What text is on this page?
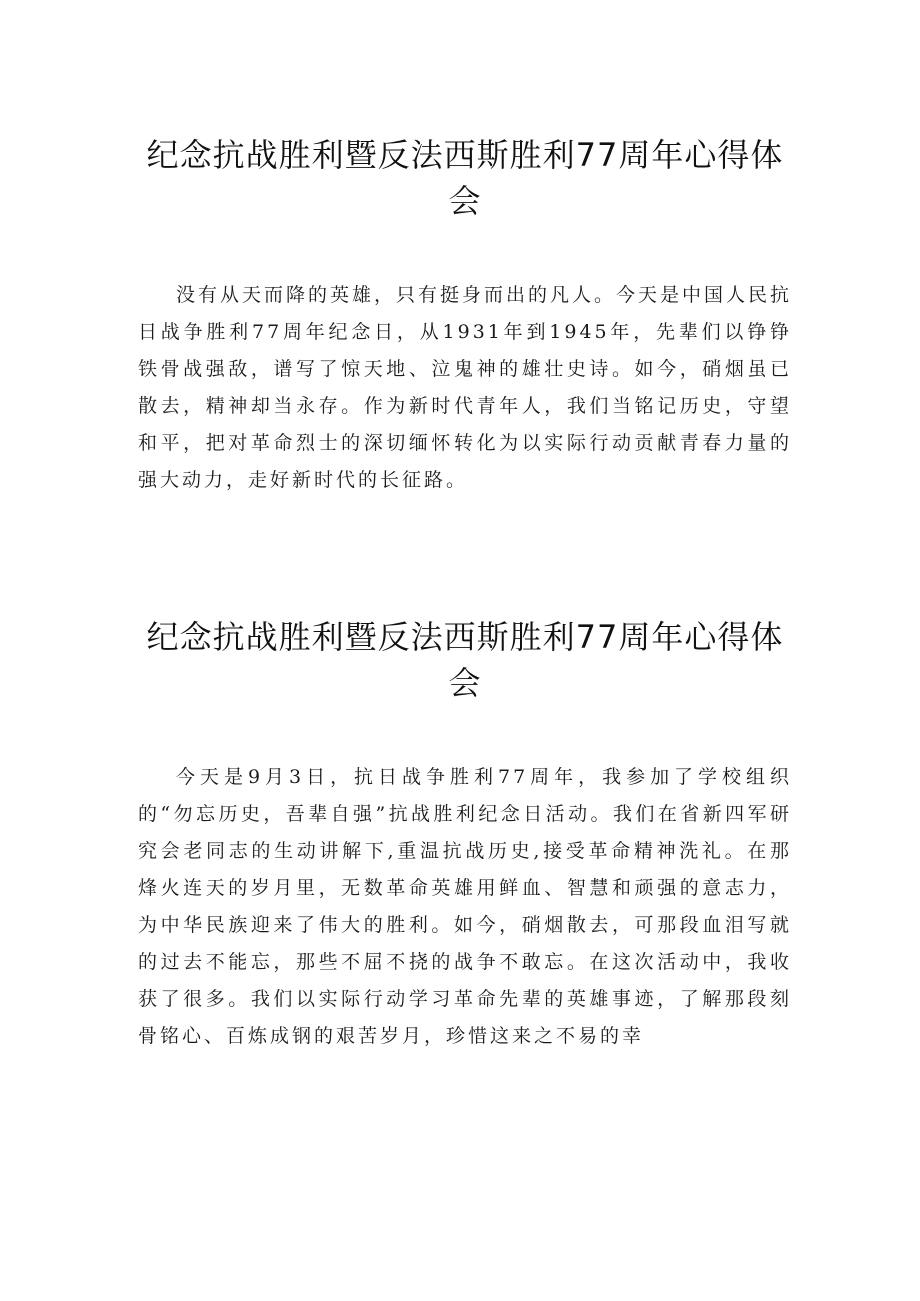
纪念抗战胜利暨反法西斯胜利77周年心得体会

没有从天而降的英雄，只有挺身而出的凡人。今天是中国人民抗日战争胜利77周年纪念日，从1931年到1945年，先辈们以铮铮铁骨战强敌，谱写了惊天地、泣鬼神的雄壮史诗。如今，硝烟虽已散去，精神却当永存。作为新时代青年人，我们当铭记历史，守望和平，把对革命烈士的深切缅怀转化为以实际行动贡献青春力量的强大动力，走好新时代的长征路。

纪念抗战胜利暨反法西斯胜利77周年心得体会

今天是9月3日，抗日战争胜利77周年，我参加了学校组织的“勿忘历史，吾辈自强”抗战胜利纪念日活动。我们在省新四军研究会老同志的生动讲解下,重温抗战历史,接受革命精神洗礼。在那烽火连天的岁月里，无数革命英雄用鲜血、智慧和顽强的意志力，为中华民族迎来了伟大的胜利。如今，硝烟散去，可那段血泪写就的过去不能忘，那些不屈不挠的战争不敢忘。在这次活动中，我收获了很多。我们以实际行动学习革命先辈的英雄事迹，了解那段刻骨铭心、百炼成钢的艰苦岁月，珍惜这来之不易的幸
